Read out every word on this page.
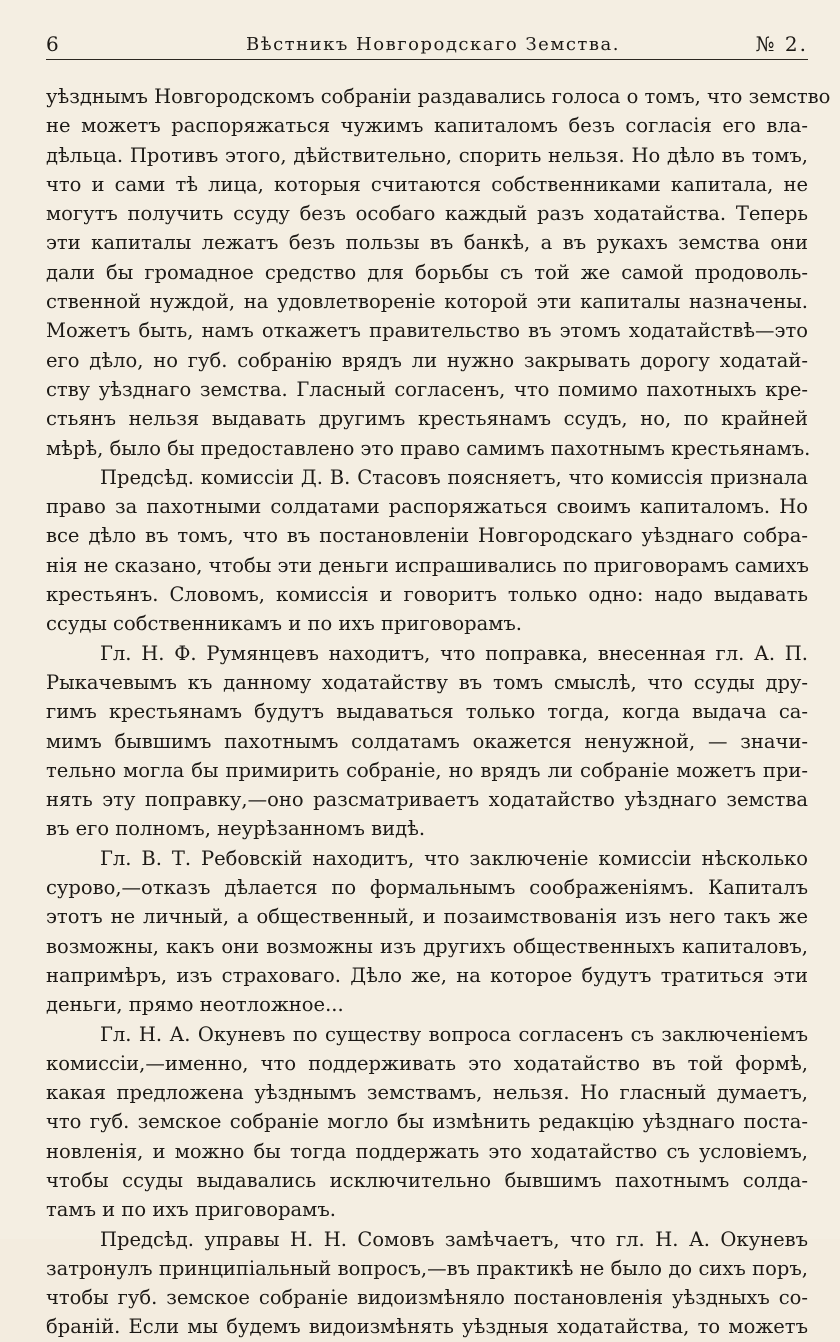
6	Вѣстникъ Новгородскаго Земства.	№ 2.
уѣзднымъ Новгородскомъ собраніи раздавались голоса о томъ, что земство
не можетъ распоряжаться чужимъ капиталомъ безъ согласія его вла-
дѣльца. Противъ этого, дѣйствительно, спорить нельзя. Но дѣло въ томъ,
что и сами тѣ лица, которыя считаются собственниками капитала, не
могутъ получить ссуду безъ особаго каждый разъ ходатайства. Теперь
эти капиталы лежатъ безъ пользы въ банкѣ, а въ рукахъ земства они
дали бы громадное средство для борьбы съ той же самой продоволь-
ственной нуждой, на удовлетвореніе которой эти капиталы назначены.
Можетъ быть, намъ откажетъ правительство въ этомъ ходатайствѣ—это
его дѣло, но губ. собранію врядъ ли нужно закрывать дорогу ходатай-
ству уѣзднаго земства. Гласный согласенъ, что помимо пахотныхъ кре-
стьянъ нельзя выдавать другимъ крестьянамъ ссудъ, но, по крайней
мѣрѣ, было бы предоставлено это право самимъ пахотнымъ крестьянамъ.
Предсѣд. комиссіи Д. В. Стасовъ поясняетъ, что комиссія признала
право за пахотными солдатами распоряжаться своимъ капиталомъ. Но
все дѣло въ томъ, что въ постановленіи Новгородскаго уѣзднаго собра-
нія не сказано, чтобы эти деньги испрашивались по приговорамъ самихъ
крестьянъ. Словомъ, комиссія и говоритъ только одно: надо выдавать
ссуды собственникамъ и по ихъ приговорамъ.
Гл. Н. Ф. Румянцевъ находитъ, что поправка, внесенная гл. А. П.
Рыкачевымъ къ данному ходатайству въ томъ смыслѣ, что ссуды дру-
гимъ крестьянамъ будутъ выдаваться только тогда, когда выдача са-
мимъ бывшимъ пахотнымъ солдатамъ окажется ненужной, — значи-
тельно могла бы примирить собраніе, но врядъ ли собраніе можетъ при-
нять эту поправку,—оно разсматриваетъ ходатайство уѣзднаго земства
въ его полномъ, неурѣзанномъ видѣ.
Гл. В. Т. Ребовскій находитъ, что заключеніе комиссіи нѣсколько
сурово,—отказъ дѣлается по формальнымъ соображеніямъ. Капиталъ
этотъ не личный, а общественный, и позаимствованія изъ него такъ же
возможны, какъ они возможны изъ другихъ общественныхъ капиталовъ,
напримѣръ, изъ страховаго. Дѣло же, на которое будутъ тратиться эти
деньги, прямо неотложное...
Гл. Н. А. Окуневъ по существу вопроса согласенъ съ заключеніемъ
комиссіи,—именно, что поддерживать это ходатайство въ той формѣ,
какая предложена уѣзднымъ земствамъ, нельзя. Но гласный думаетъ,
что губ. земское собраніе могло бы измѣнить редакцію уѣзднаго поста-
новленія, и можно бы тогда поддержать это ходатайство съ условіемъ,
чтобы ссуды выдавались исключительно бывшимъ пахотнымъ солда-
тамъ и по ихъ приговорамъ.
Предсѣд. управы Н. Н. Сомовъ замѣчаетъ, что гл. Н. А. Окуневъ
затронулъ принципіальный вопросъ,—въ практикѣ не было до сихъ поръ,
чтобы губ. земское собраніе видоизмѣняло постановленія уѣздныхъ со-
браній. Если мы будемъ видоизмѣнять уѣздныя ходатайства, то можетъ
